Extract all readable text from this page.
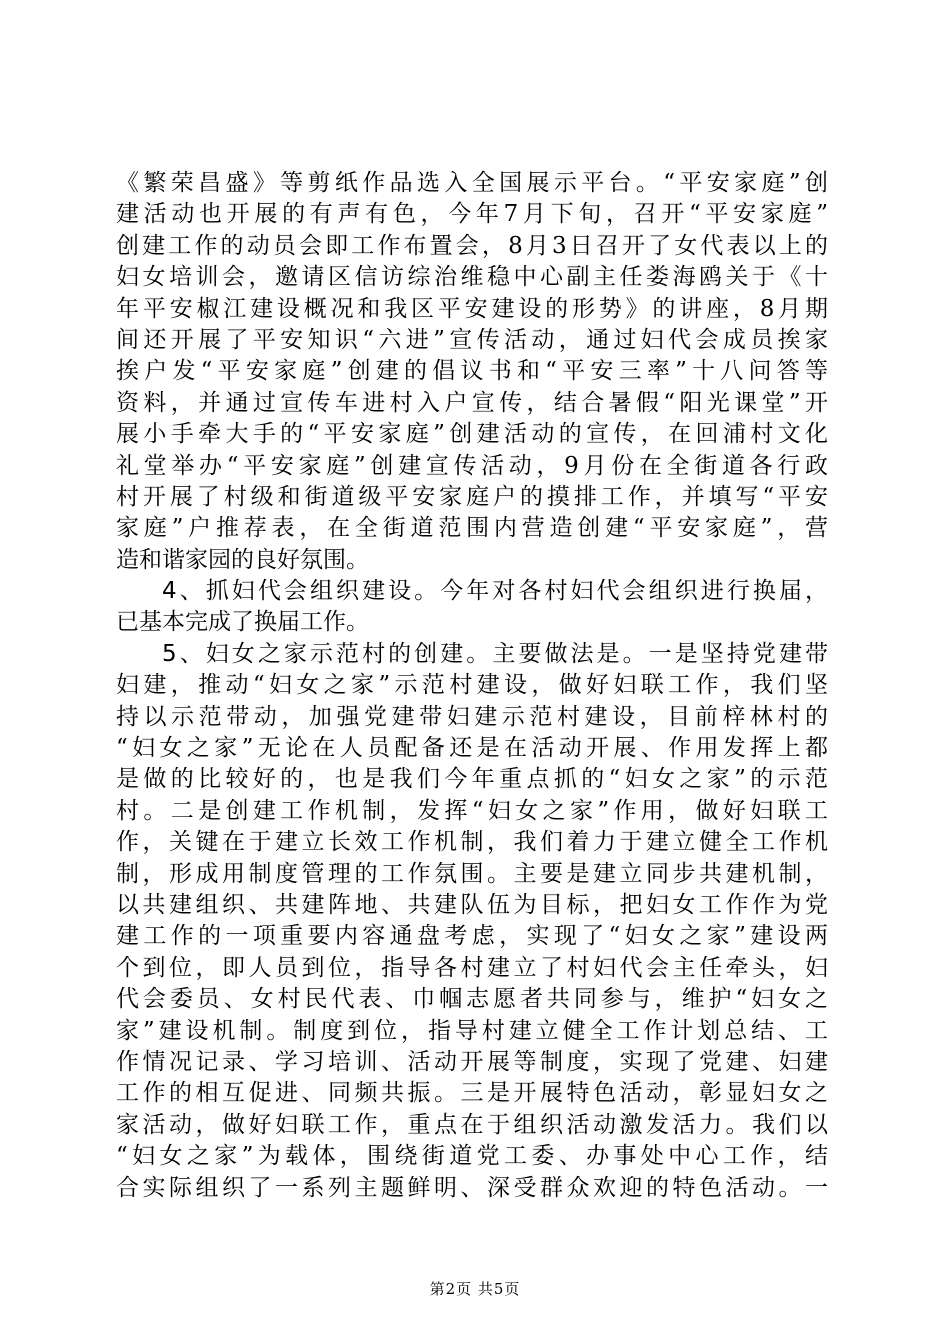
《繁荣昌盛》等剪纸作品选入全国展示平台。“平安家庭”创
建活动也开展的有声有色，今年7月下旬，召开“平安家庭”
创建工作的动员会即工作布置会，8月3日召开了女代表以上的
妇女培训会，邀请区信访综治维稳中心副主任娄海鸥关于《十
年平安椒江建设概况和我区平安建设的形势》的讲座，8月期
间还开展了平安知识“六进”宣传活动，通过妇代会成员挨家
挨户发“平安家庭”创建的倡议书和“平安三率”十八问答等
资料，并通过宣传车进村入户宣传，结合暑假“阳光课堂”开
展小手牵大手的“平安家庭”创建活动的宣传，在回浦村文化
礼堂举办“平安家庭”创建宣传活动，9月份在全街道各行政
村开展了村级和街道级平安家庭户的摸排工作，并填写“平安
家庭”户推荐表，在全街道范围内营造创建“平安家庭”，营
造和谐家园的良好氛围。
4、抓妇代会组织建设。今年对各村妇代会组织进行换届，
已基本完成了换届工作。
5、妇女之家示范村的创建。主要做法是。一是坚持党建带
妇建，推动“妇女之家”示范村建设，做好妇联工作，我们坚
持以示范带动，加强党建带妇建示范村建设，目前梓林村的
“妇女之家”无论在人员配备还是在活动开展、作用发挥上都
是做的比较好的，也是我们今年重点抓的“妇女之家”的示范
村。二是创建工作机制，发挥“妇女之家”作用，做好妇联工
作，关键在于建立长效工作机制，我们着力于建立健全工作机
制，形成用制度管理的工作氛围。主要是建立同步共建机制，
以共建组织、共建阵地、共建队伍为目标，把妇女工作作为党
建工作的一项重要内容通盘考虑，实现了“妇女之家”建设两
个到位，即人员到位，指导各村建立了村妇代会主任牵头，妇
代会委员、女村民代表、巾帼志愿者共同参与，维护“妇女之
家”建设机制。制度到位，指导村建立健全工作计划总结、工
作情况记录、学习培训、活动开展等制度，实现了党建、妇建
工作的相互促进、同频共振。三是开展特色活动，彰显妇女之
家活动，做好妇联工作，重点在于组织活动激发活力。我们以
“妇女之家”为载体，围绕街道党工委、办事处中心工作，结
合实际组织了一系列主题鲜明、深受群众欢迎的特色活动。一
第2页 共5页
